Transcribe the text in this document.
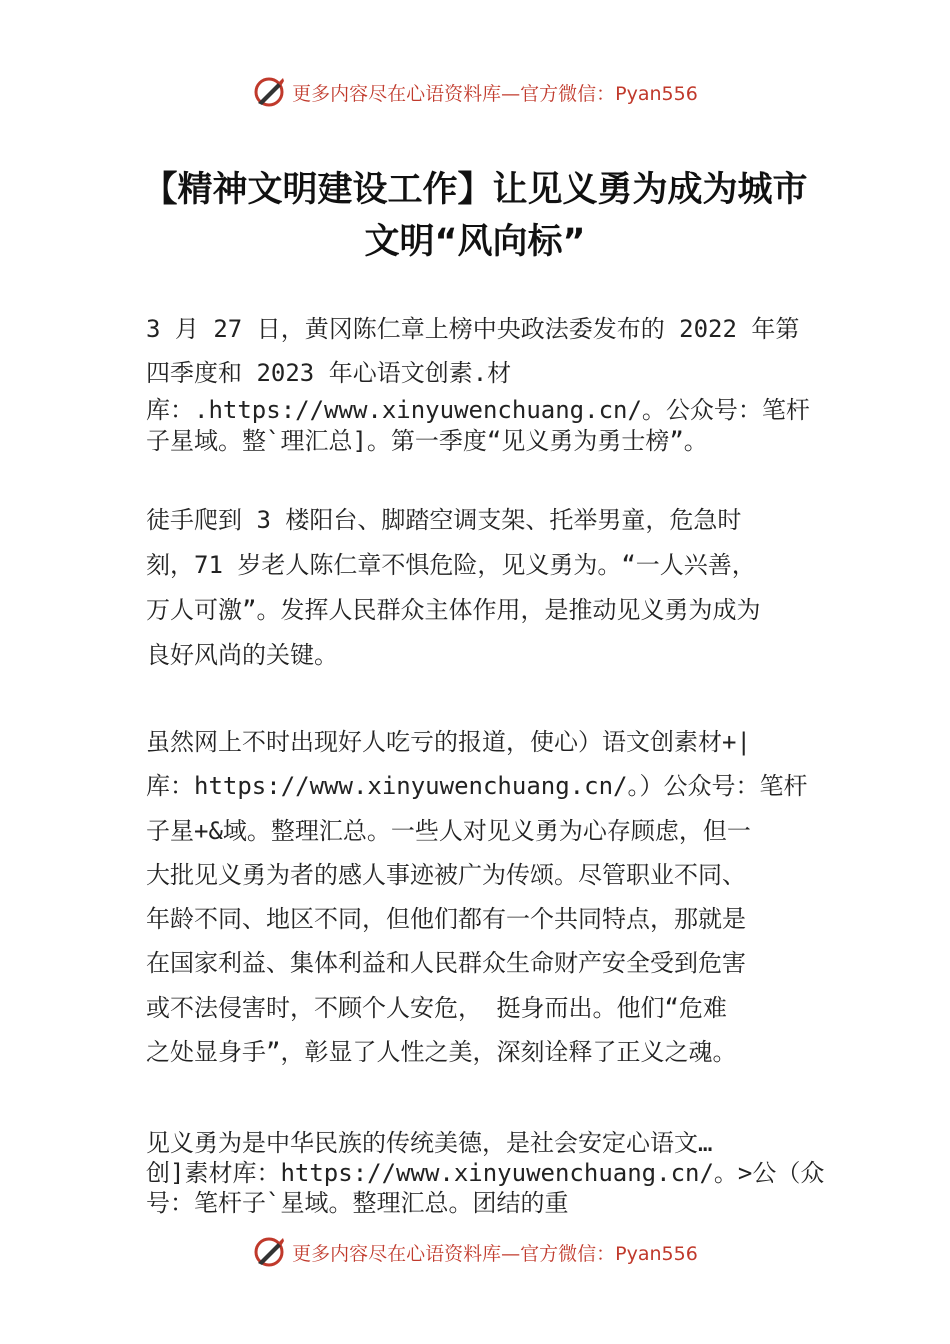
更多内容尽在心语资料库—官方微信：Pyan556
【精神文明建设工作】让见义勇为成为城市
文明“风向标”

3 月 27 日，黄冈陈仁章上榜中央政法委发布的 2022 年第
四季度和 2023 年心语文创素.材
库：.https://www.xinyuwenchuang.cn/。公众号：笔杆
子星域。整`理汇总]。第一季度“见义勇为勇士榜”。

徒手爬到 3 楼阳台、脚踏空调支架、托举男童，危急时
刻，71 岁老人陈仁章不惧危险，见义勇为。“一人兴善，
万人可激”。发挥人民群众主体作用，是推动见义勇为成为
良好风尚的关键。

虽然网上不时出现好人吃亏的报道，使心）语文创素材+|
库：https://www.xinyuwenchuang.cn/。）公众号：笔杆
子星+&域。整理汇总。一些人对见义勇为心存顾虑，但一
大批见义勇为者的感人事迹被广为传颂。尽管职业不同、
年龄不同、地区不同，但他们都有一个共同特点，那就是
在国家利益、集体利益和人民群众生命财产安全受到危害
或不法侵害时，不顾个人安危， 挺身而出。他们“危难
之处显身手”，彰显了人性之美，深刻诠释了正义之魂。

见义勇为是中华民族的传统美德，是社会安定心语文…
创]素材库：https://www.xinyuwenchuang.cn/。>公（众
号：笔杆子`星域。整理汇总。团结的重

更多内容尽在心语资料库—官方微信：Pyan556
